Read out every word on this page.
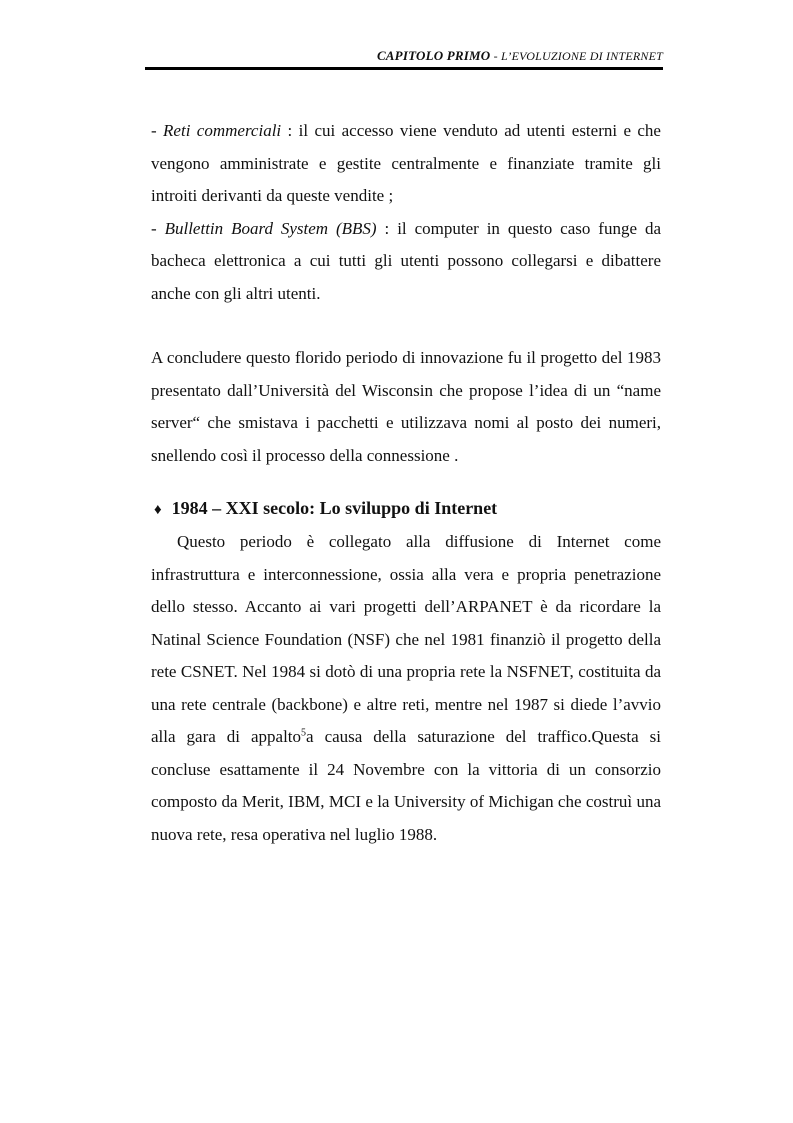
CAPITOLO PRIMO - L’EVOLUZIONE DI INTERNET

- Reti commerciali : il cui accesso viene venduto ad utenti esterni e che vengono amministrate e gestite centralmente e finanziate tramite gli introiti derivanti da queste vendite ;

- Bullettin Board System (BBS) : il computer in questo caso funge da bacheca elettronica a cui tutti gli utenti possono collegarsi e dibattere anche con gli altri utenti.

A concludere questo florido periodo di innovazione fu il progetto del 1983 presentato dall’Università del Wisconsin che propose l’idea di un “name server“ che smistava i pacchetti e utilizzava nomi al posto dei numeri, snellendo così il processo della connessione .

♦ 1984 – XXI secolo: Lo sviluppo di Internet

Questo periodo è collegato alla diffusione di Internet come infrastruttura e interconnessione, ossia alla vera e propria penetrazione dello stesso. Accanto ai vari progetti dell’ARPANET è da ricordare la Natinal Science Foundation (NSF) che nel 1981 finanziò il progetto della rete CSNET. Nel 1984 si dotò di una propria rete la NSFNET, costituita da una rete centrale (backbone) e altre reti, mentre nel 1987 si diede l’avvio alla gara di appalto$^5$a causa della saturazione del traffico.Questa si concluse esattamente il 24 Novembre con la vittoria di un consorzio composto da Merit, IBM, MCI e la University of Michigan che costruì una nuova rete, resa operativa nel luglio 1988.
